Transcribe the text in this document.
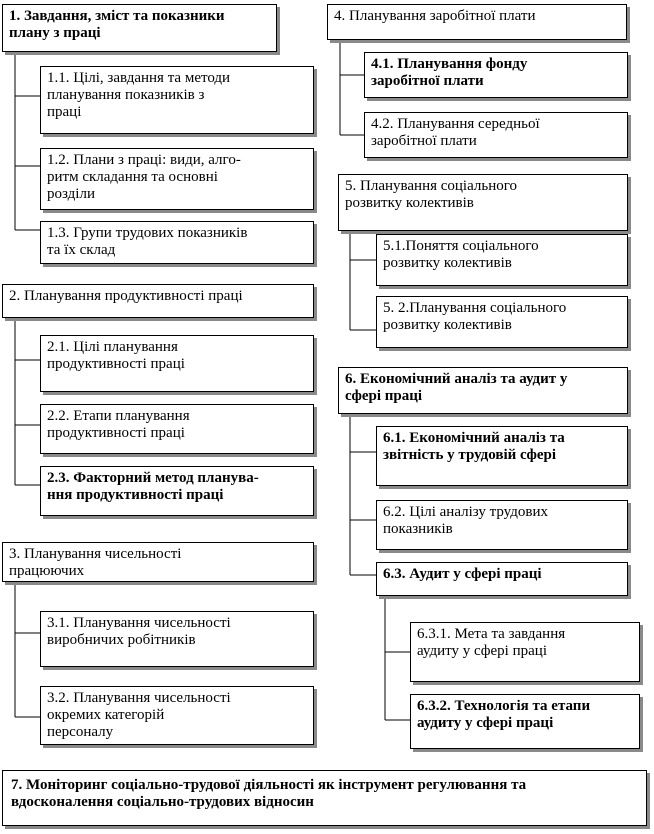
1. Завдання, зміст та показники
плану з праці
1.1. Цілі, завдання та методи
планування показників з
праці
1.2. Плани з праці: види, алго-
ритм складання та основні
розділи
1.3. Групи трудових показників
та їх склад
2. Планування продуктивності праці
2.1. Цілі планування
продуктивності праці
2.2. Етапи планування
продуктивності праці
2.3. Факторний метод планува-
ння продуктивності праці
3. Планування чисельності
працюючих
3.1. Планування чисельності
виробничих робітників
3.2. Планування чисельності
окремих категорій
персоналу
4. Планування заробітної плати
4.1. Планування фонду
заробітної плати
4.2. Планування середньої
заробітної плати
5. Планування соціального
розвитку колективів
5.1.Поняття соціального
розвитку колективів
5. 2.Планування соціального
розвитку колективів
6. Економічний аналіз та аудит у
сфері праці
6.1. Економічний аналіз та
звітність у трудовій сфері
6.2. Цілі аналізу трудових
показників
6.3. Аудит у сфері праці
6.3.1. Мета та завдання
аудиту у сфері праці
6.3.2. Технологія та етапи
аудиту у сфері праці
7. Моніторинг соціально-трудової діяльності як інструмент регулювання та
вдосконалення соціально-трудових відносин
